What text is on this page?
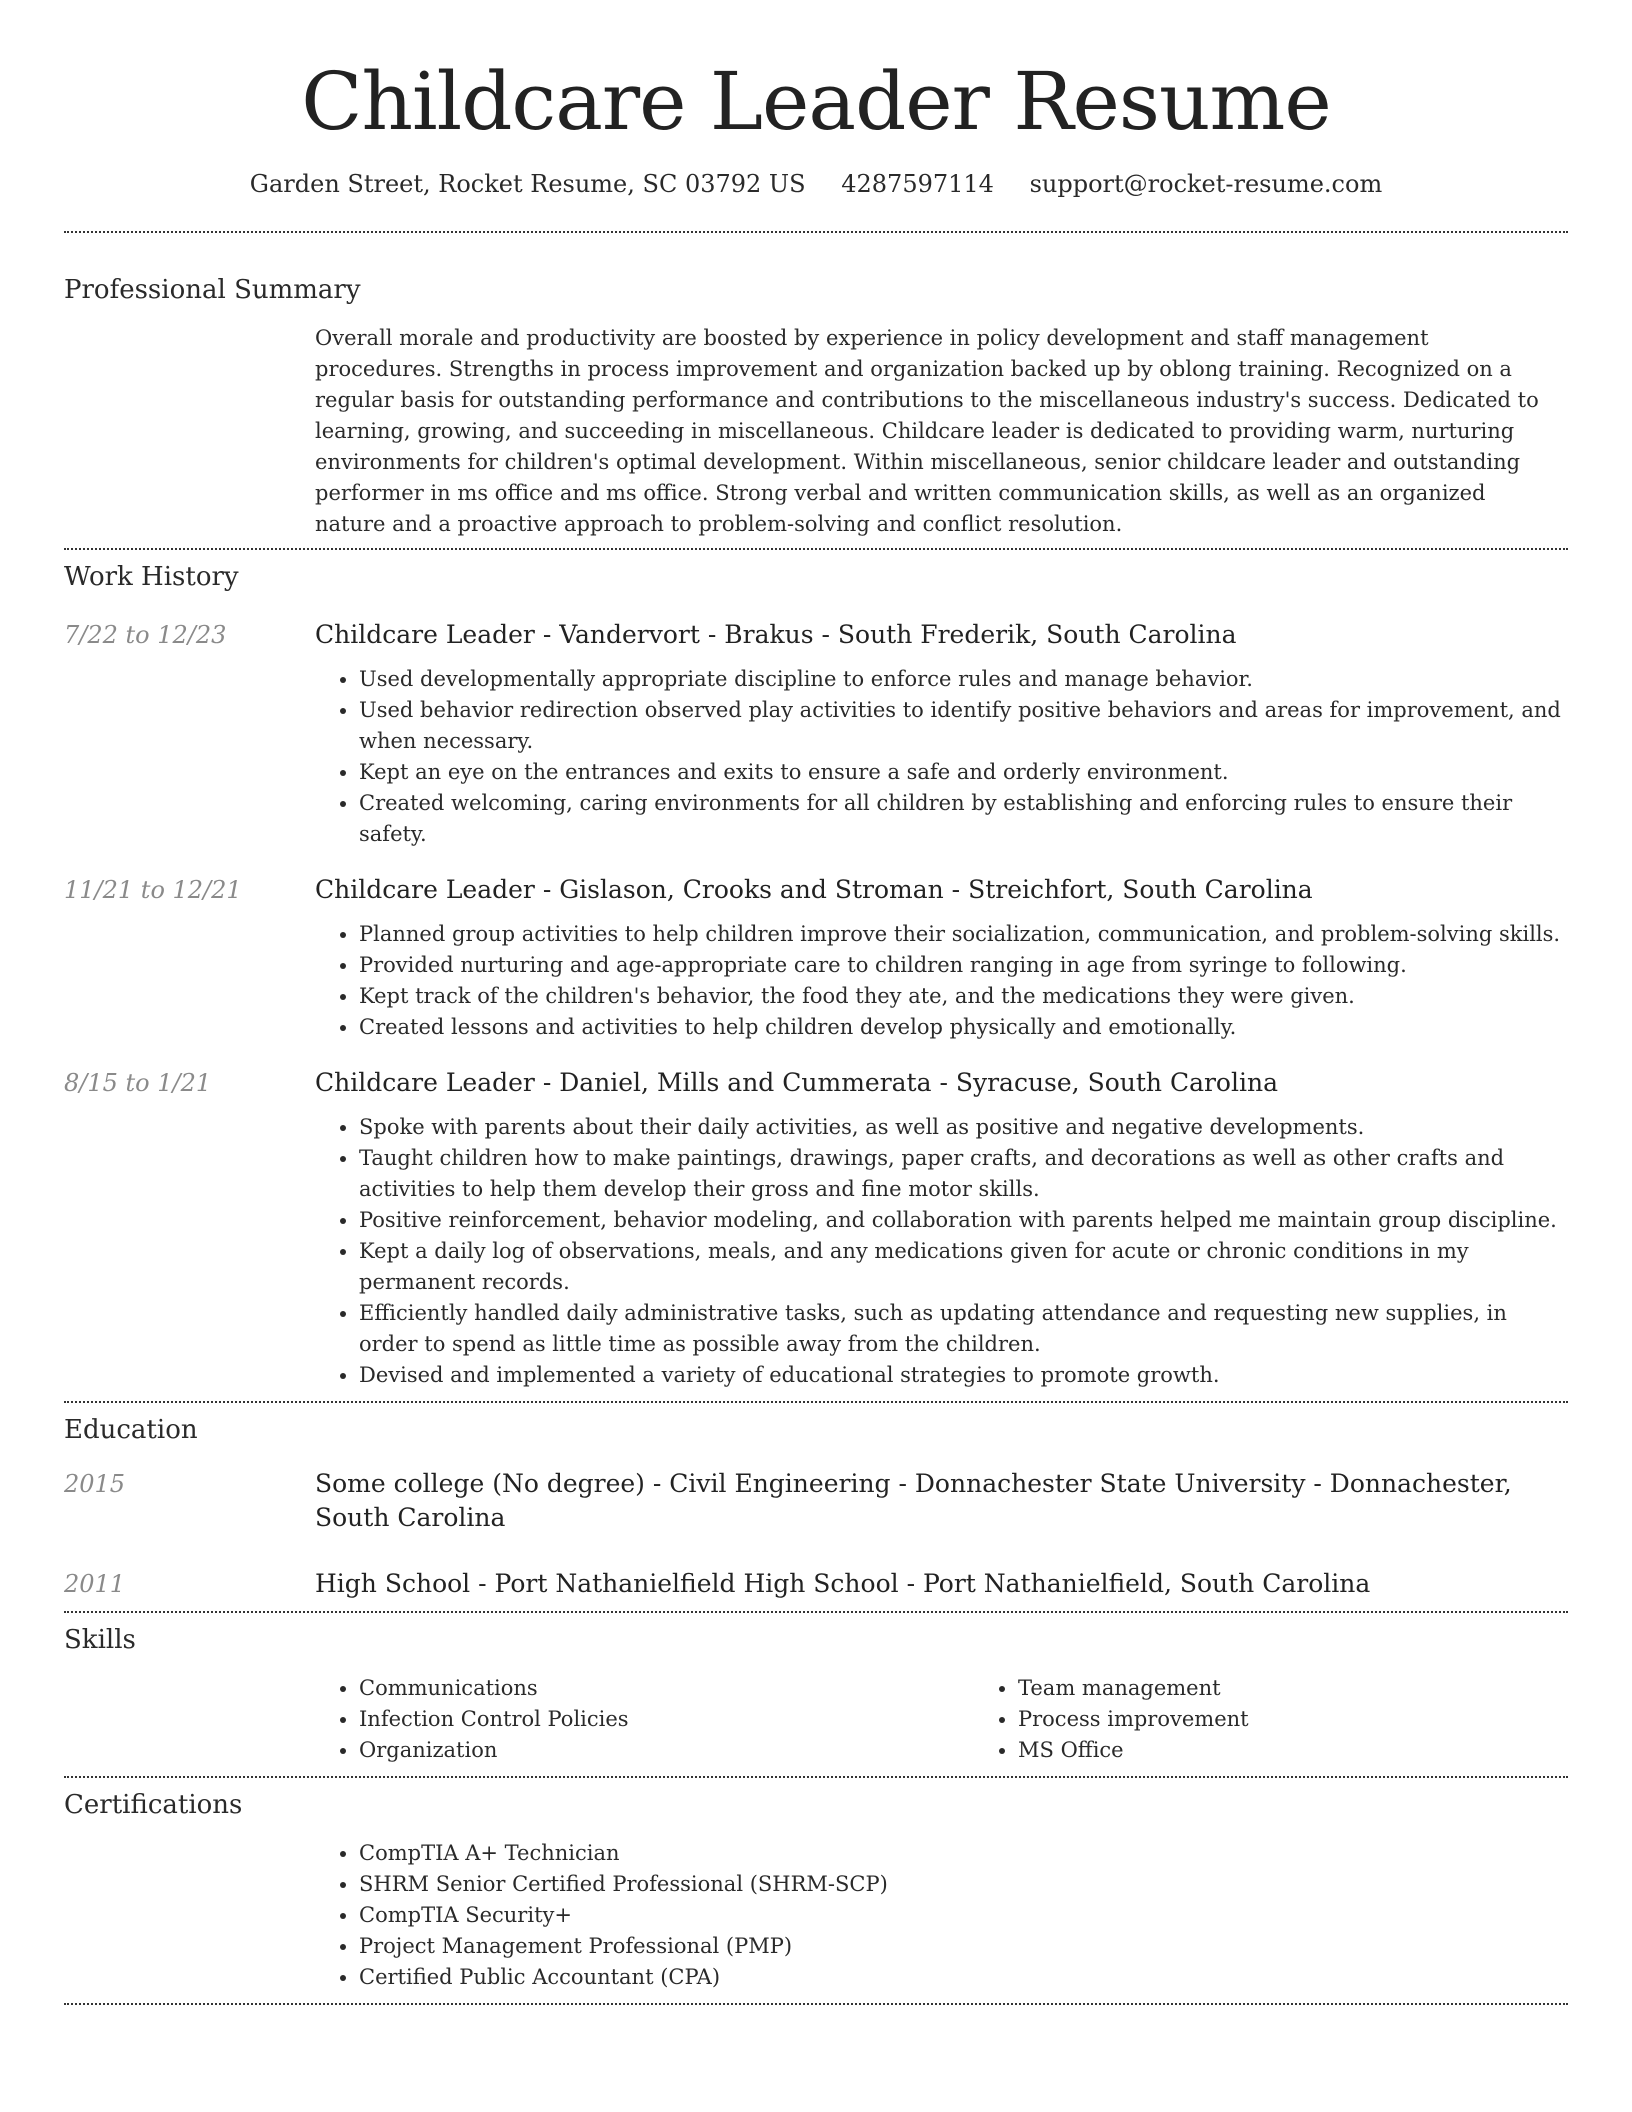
Childcare Leader Resume
Garden Street, Rocket Resume, SC 03792 US 4287597114 support@rocket-resume.com
Professional Summary
Overall morale and productivity are boosted by experience in policy development and staff management procedures. Strengths in process improvement and organization backed up by oblong training. Recognized on a regular basis for outstanding performance and contributions to the miscellaneous industry's success. Dedicated to learning, growing, and succeeding in miscellaneous. Childcare leader is dedicated to providing warm, nurturing environments for children's optimal development. Within miscellaneous, senior childcare leader and outstanding performer in ms office and ms office. Strong verbal and written communication skills, as well as an organized nature and a proactive approach to problem-solving and conflict resolution.
Work History
7/22 to 12/23	Childcare Leader - Vandervort - Brakus - South Frederik, South Carolina
• Used developmentally appropriate discipline to enforce rules and manage behavior.
• Used behavior redirection observed play activities to identify positive behaviors and areas for improvement, and when necessary.
• Kept an eye on the entrances and exits to ensure a safe and orderly environment.
• Created welcoming, caring environments for all children by establishing and enforcing rules to ensure their safety.
11/21 to 12/21	Childcare Leader - Gislason, Crooks and Stroman - Streichfort, South Carolina
• Planned group activities to help children improve their socialization, communication, and problem-solving skills.
• Provided nurturing and age-appropriate care to children ranging in age from syringe to following.
• Kept track of the children's behavior, the food they ate, and the medications they were given.
• Created lessons and activities to help children develop physically and emotionally.
8/15 to 1/21	Childcare Leader - Daniel, Mills and Cummerata - Syracuse, South Carolina
• Spoke with parents about their daily activities, as well as positive and negative developments.
• Taught children how to make paintings, drawings, paper crafts, and decorations as well as other crafts and activities to help them develop their gross and fine motor skills.
• Positive reinforcement, behavior modeling, and collaboration with parents helped me maintain group discipline.
• Kept a daily log of observations, meals, and any medications given for acute or chronic conditions in my permanent records.
• Efficiently handled daily administrative tasks, such as updating attendance and requesting new supplies, in order to spend as little time as possible away from the children.
• Devised and implemented a variety of educational strategies to promote growth.
Education
2015	Some college (No degree) - Civil Engineering - Donnachester State University - Donnachester, South Carolina
2011	High School - Port Nathanielfield High School - Port Nathanielfield, South Carolina
Skills
• Communications
• Infection Control Policies
• Organization
• Team management
• Process improvement
• MS Office
Certifications
• CompTIA A+ Technician
• SHRM Senior Certified Professional (SHRM-SCP)
• CompTIA Security+
• Project Management Professional (PMP)
• Certified Public Accountant (CPA)
